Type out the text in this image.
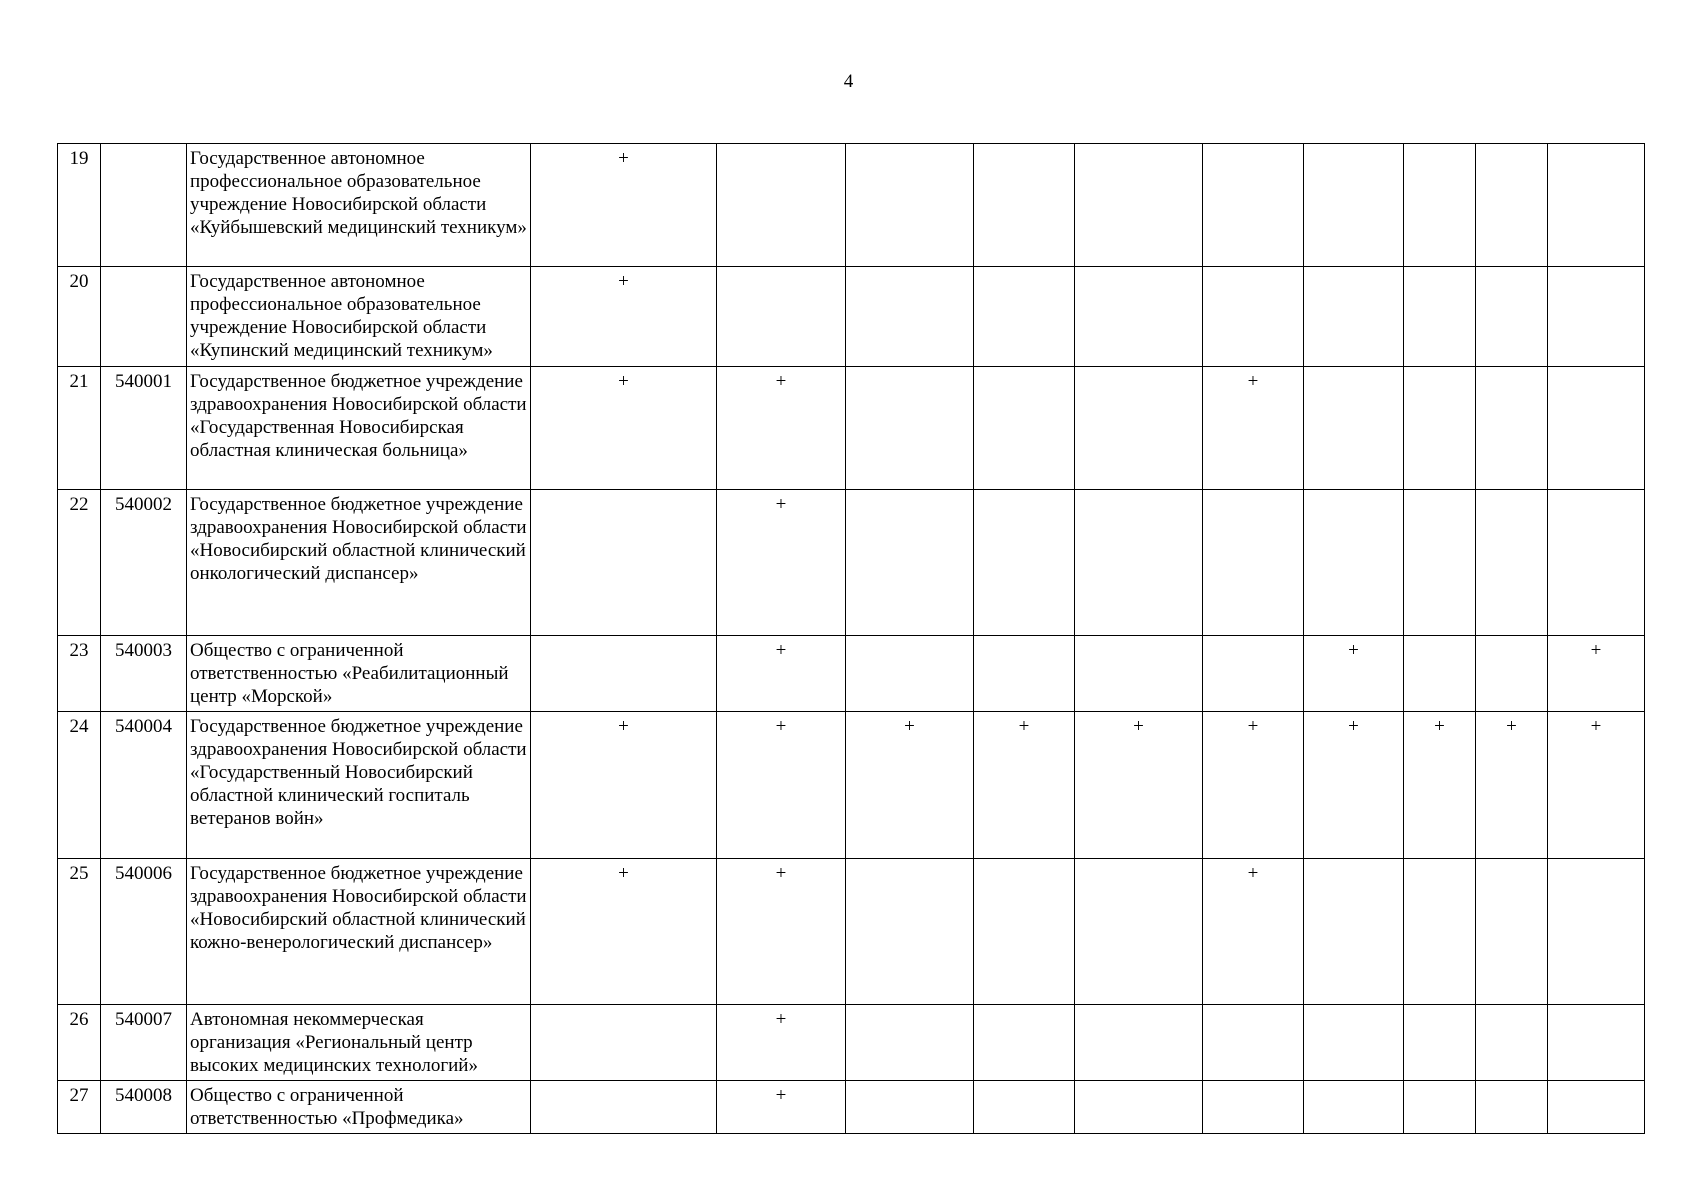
4
19		Государственное автономное профессиональное образовательное учреждение Новосибирской области «Куйбышевский медицинский техникум»	+									
20		Государственное автономное профессиональное образовательное учреждение Новосибирской области «Купинский медицинский техникум»	+									
21	540001	Государственное бюджетное учреждение здравоохранения Новосибирской области «Государственная Новосибирская областная клиническая больница»	+	+				+				
22	540002	Государственное бюджетное учреждение здравоохранения Новосибирской области «Новосибирский областной клинический онкологический диспансер»		+								
23	540003	Общество с ограниченной ответственностью «Реабилитационный центр «Морской»		+					+			+
24	540004	Государственное бюджетное учреждение здравоохранения Новосибирской области «Государственный Новосибирский областной клинический госпиталь ветеранов войн»	+	+	+	+	+	+	+	+	+	+
25	540006	Государственное бюджетное учреждение здравоохранения Новосибирской области «Новосибирский областной клинический кожно-венерологический диспансер»	+	+				+				
26	540007	Автономная некоммерческая организация «Региональный центр высоких медицинских технологий»		+								
27	540008	Общество с ограниченной ответственностью «Профмедика»		+								
